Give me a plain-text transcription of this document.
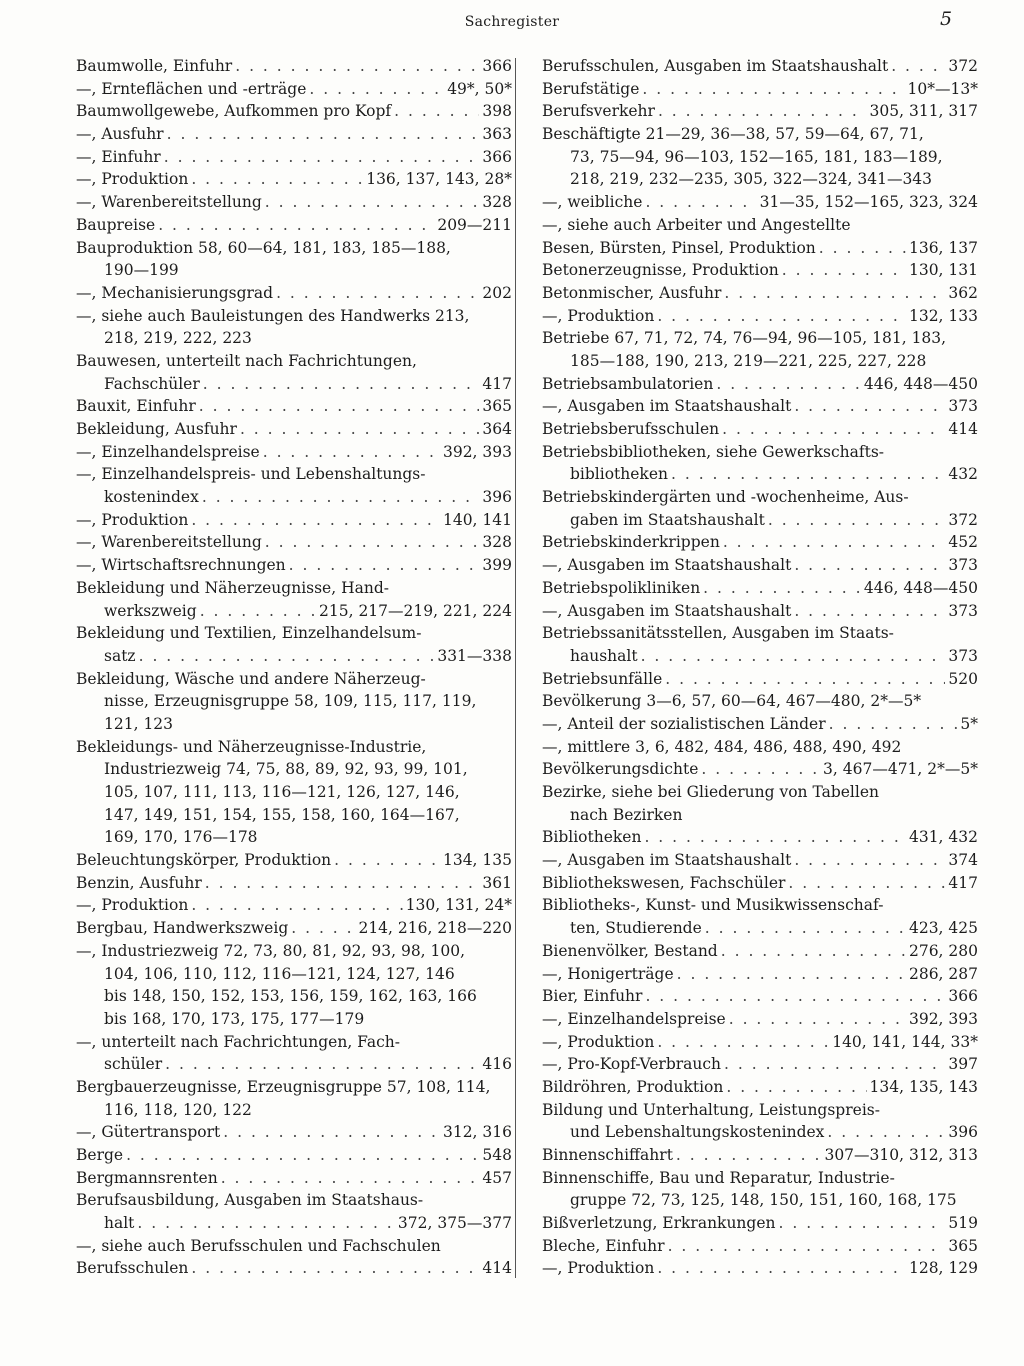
Sachregister	5
Baumwolle, Einfuhr . . .	366
—, Ernteflächen und -erträge . . .	49*, 50*
Baumwollgewebe, Aufkommen pro Kopf . . .	398
—, Ausfuhr . . .	363
—, Einfuhr . . .	366
—, Produktion . . .	136, 137, 143, 28*
—, Warenbereitstellung . . .	328
Baupreise . . .	209—211
Bauproduktion 58, 60—64, 181, 183, 185—188,
190—199
—, Mechanisierungsgrad . . .	202
—, siehe auch Bauleistungen des Handwerks 213,
218, 219, 222, 223
Bauwesen, unterteilt nach Fachrichtungen,
Fachschüler . . .	417
Bauxit, Einfuhr . . .	365
Bekleidung, Ausfuhr . . .	364
—, Einzelhandelspreise . . .	392, 393
—, Einzelhandelspreis- und Lebenshaltungs-
kostenindex . . .	396
—, Produktion . . .	140, 141
—, Warenbereitstellung . . .	328
—, Wirtschaftsrechnungen . . .	399
Bekleidung und Näherzeugnisse, Hand-
werkszweig . . .	215, 217—219, 221, 224
Bekleidung und Textilien, Einzelhandelsum-
satz . . .	331—338
Bekleidung, Wäsche und andere Näherzeug-
nisse, Erzeugnisgruppe 58, 109, 115, 117, 119,
121, 123
Bekleidungs- und Näherzeugnisse-Industrie,
Industriezweig 74, 75, 88, 89, 92, 93, 99, 101,
105, 107, 111, 113, 116—121, 126, 127, 146,
147, 149, 151, 154, 155, 158, 160, 164—167,
169, 170, 176—178
Beleuchtungskörper, Produktion . . .	134, 135
Benzin, Ausfuhr . . .	361
—, Produktion . . .	130, 131, 24*
Bergbau, Handwerkszweig . . .	214, 216, 218—220
—, Industriezweig 72, 73, 80, 81, 92, 93, 98, 100,
104, 106, 110, 112, 116—121, 124, 127, 146
bis 148, 150, 152, 153, 156, 159, 162, 163, 166
bis 168, 170, 173, 175, 177—179
—, unterteilt nach Fachrichtungen, Fach-
schüler . . .	416
Bergbauerzeugnisse, Erzeugnisgruppe 57, 108, 114,
116, 118, 120, 122
—, Gütertransport . . .	312, 316
Berge . . .	548
Bergmannsrenten . . .	457
Berufsausbildung, Ausgaben im Staatshaus-
halt . . .	372, 375—377
—, siehe auch Berufsschulen und Fachschulen
Berufsschulen . . .	414
Berufsschulen, Ausgaben im Staatshaushalt . . .	372
Berufstätige . . .	10*—13*
Berufsverkehr . . .	305, 311, 317
Beschäftigte 21—29, 36—38, 57, 59—64, 67, 71,
73, 75—94, 96—103, 152—165, 181, 183—189,
218, 219, 232—235, 305, 322—324, 341—343
—, weibliche . . .	31—35, 152—165, 323, 324
—, siehe auch Arbeiter und Angestellte
Besen, Bürsten, Pinsel, Produktion . . .	136, 137
Betonerzeugnisse, Produktion . . .	130, 131
Betonmischer, Ausfuhr . . .	362
—, Produktion . . .	132, 133
Betriebe 67, 71, 72, 74, 76—94, 96—105, 181, 183,
185—188, 190, 213, 219—221, 225, 227, 228
Betriebsambulatorien . . .	446, 448—450
—, Ausgaben im Staatshaushalt . . .	373
Betriebsberufsschulen . . .	414
Betriebsbibliotheken, siehe Gewerkschafts-
bibliotheken . . .	432
Betriebskindergärten und -wochenheime, Aus-
gaben im Staatshaushalt . . .	372
Betriebskinderkrippen . . .	452
—, Ausgaben im Staatshaushalt . . .	373
Betriebspolikliniken . . .	446, 448—450
—, Ausgaben im Staatshaushalt . . .	373
Betriebssanitätsstellen, Ausgaben im Staats-
haushalt . . .	373
Betriebsunfälle . . .	520
Bevölkerung 3—6, 57, 60—64, 467—480, 2*—5*
—, Anteil der sozialistischen Länder . . .	5*
—, mittlere 3, 6, 482, 484, 486, 488, 490, 492
Bevölkerungsdichte . . .	3, 467—471, 2*—5*
Bezirke, siehe bei Gliederung von Tabellen
nach Bezirken
Bibliotheken . . .	431, 432
—, Ausgaben im Staatshaushalt . . .	374
Bibliothekswesen, Fachschüler . . .	417
Bibliotheks-, Kunst- und Musikwissenschaf-
ten, Studierende . . .	423, 425
Bienenvölker, Bestand . . .	276, 280
—, Honigerträge . . .	286, 287
Bier, Einfuhr . . .	366
—, Einzelhandelspreise . . .	392, 393
—, Produktion . . .	140, 141, 144, 33*
—, Pro-Kopf-Verbrauch . . .	397
Bildröhren, Produktion . . .	134, 135, 143
Bildung und Unterhaltung, Leistungspreis-
und Lebenshaltungskostenindex . . .	396
Binnenschiffahrt . . .	307—310, 312, 313
Binnenschiffe, Bau und Reparatur, Industrie-
gruppe 72, 73, 125, 148, 150, 151, 160, 168, 175
Bißverletzung, Erkrankungen . . .	519
Bleche, Einfuhr . . .	365
—, Produktion . . .	128, 129
